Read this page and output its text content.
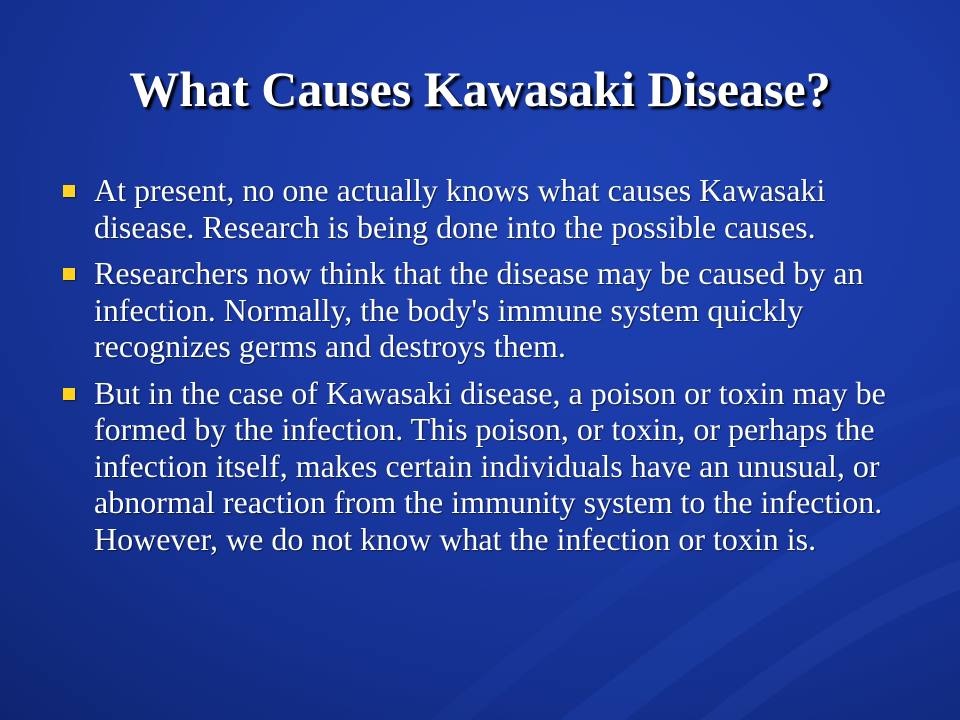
What Causes Kawasaki Disease?
At present, no one actually knows what causes Kawasaki disease. Research is being done into the possible causes.
Researchers now think that the disease may be caused by an infection. Normally, the body's immune system quickly recognizes germs and destroys them.
But in the case of Kawasaki disease, a poison or toxin may be formed by the infection. This poison, or toxin, or perhaps the infection itself, makes certain individuals have an unusual, or abnormal reaction from the immunity system to the infection. However, we do not know what the infection or toxin is.
